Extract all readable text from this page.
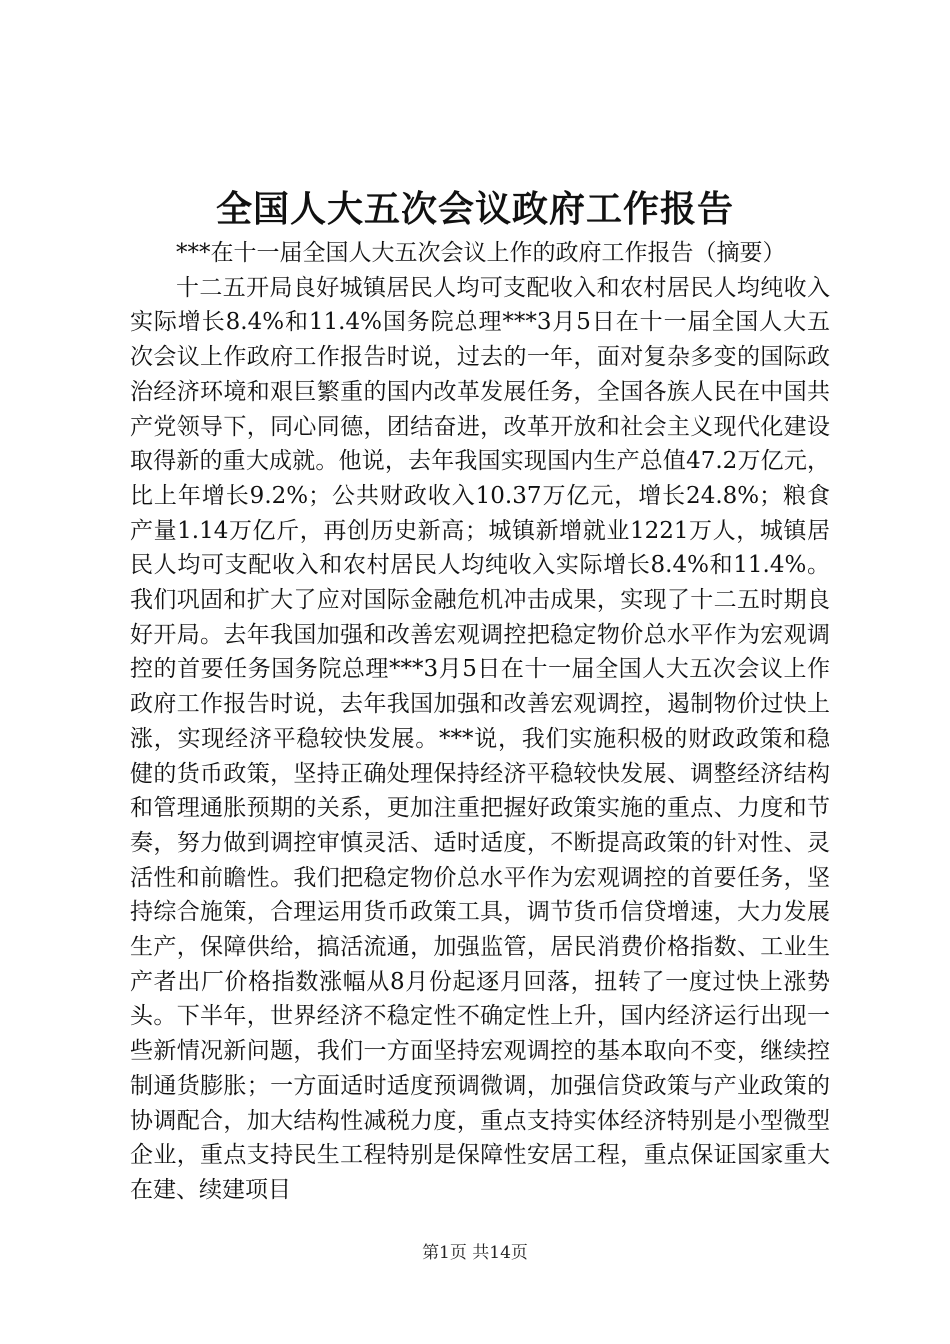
全国人大五次会议政府工作报告

***在十一届全国人大五次会议上作的政府工作报告（摘要）

十二五开局良好城镇居民人均可支配收入和农村居民人均纯收入实际增长8.4%和11.4%国务院总理***3月5日在十一届全国人大五次会议上作政府工作报告时说，过去的一年，面对复杂多变的国际政治经济环境和艰巨繁重的国内改革发展任务，全国各族人民在中国共产党领导下，同心同德，团结奋进，改革开放和社会主义现代化建设取得新的重大成就。他说，去年我国实现国内生产总值47.2万亿元，比上年增长9.2%；公共财政收入10.37万亿元，增长24.8%；粮食产量1.14万亿斤，再创历史新高；城镇新增就业1221万人，城镇居民人均可支配收入和农村居民人均纯收入实际增长8.4%和11.4%。我们巩固和扩大了应对国际金融危机冲击成果，实现了十二五时期良好开局。去年我国加强和改善宏观调控把稳定物价总水平作为宏观调控的首要任务国务院总理***3月5日在十一届全国人大五次会议上作政府工作报告时说，去年我国加强和改善宏观调控，遏制物价过快上涨，实现经济平稳较快发展。***说，我们实施积极的财政政策和稳健的货币政策，坚持正确处理保持经济平稳较快发展、调整经济结构和管理通胀预期的关系，更加注重把握好政策实施的重点、力度和节奏，努力做到调控审慎灵活、适时适度，不断提高政策的针对性、灵活性和前瞻性。我们把稳定物价总水平作为宏观调控的首要任务，坚持综合施策，合理运用货币政策工具，调节货币信贷增速，大力发展生产，保障供给，搞活流通，加强监管，居民消费价格指数、工业生产者出厂价格指数涨幅从8月份起逐月回落，扭转了一度过快上涨势头。下半年，世界经济不稳定性不确定性上升，国内经济运行出现一些新情况新问题，我们一方面坚持宏观调控的基本取向不变，继续控制通货膨胀；一方面适时适度预调微调，加强信贷政策与产业政策的协调配合，加大结构性减税力度，重点支持实体经济特别是小型微型企业，重点支持民生工程特别是保障性安居工程，重点保证国家重大在建、续建项目

第1页 共14页
